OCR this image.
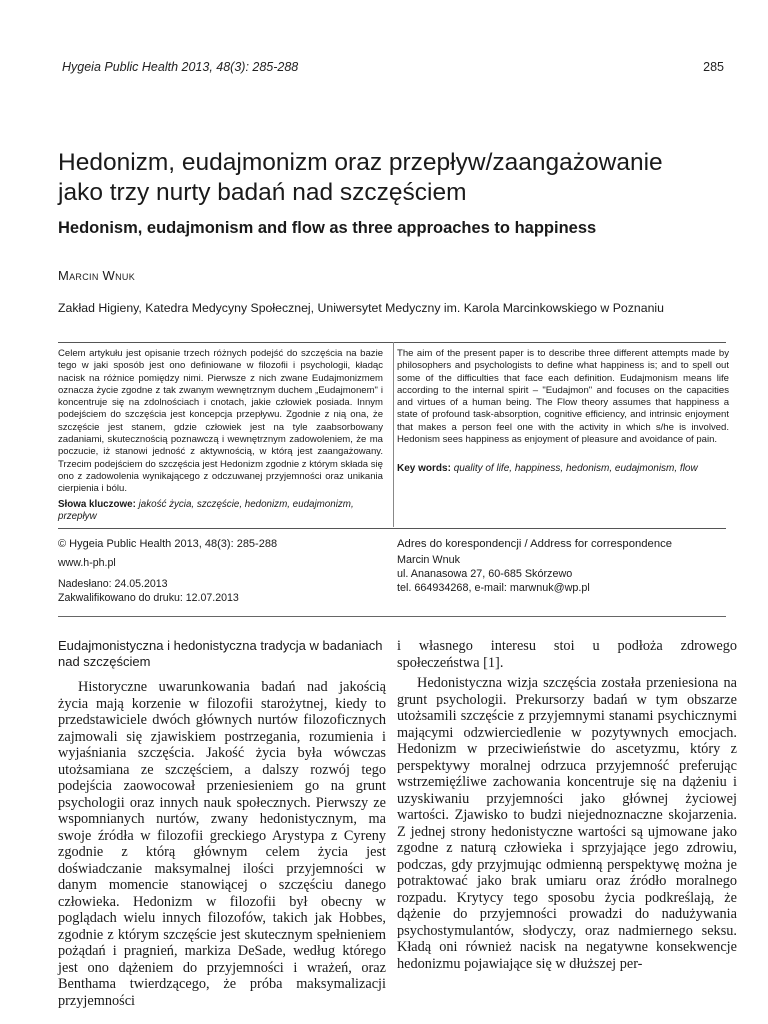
Hygeia Public Health 2013, 48(3): 285-288	285
Hedonizm, eudajmonizm oraz przepływ/zaangażowanie
jako trzy nurty badań nad szczęściem
Hedonism, eudajmonism and flow as three approaches to happiness
Marcin Wnuk
Zakład Higieny, Katedra Medycyny Społecznej, Uniwersytet Medyczny im. Karola Marcinkowskiego w Poznaniu
Celem artykułu jest opisanie trzech różnych podejść do szczęścia na bazie tego w jaki sposób jest ono definiowane w filozofii i psychologii, kładąc nacisk na różnice pomiędzy nimi. Pierwsze z nich zwane Eudajmonizmem oznacza życie zgodne z tak zwanym wewnętrznym duchem „Eudajmonem" i koncentruje się na zdolnościach i cnotach, jakie człowiek posiada. Innym podejściem do szczęścia jest koncepcja przepływu. Zgodnie z nią ona, że szczęście jest stanem, gdzie człowiek jest na tyle zaabsorbowany zadaniami, skutecznością poznawczą i wewnętrznym zadowoleniem, że ma poczucie, iż stanowi jedność z aktywnością, w którą jest zaangażowany. Trzecim podejściem do szczęścia jest Hedonizm zgodnie z którym składa się ono z zadowolenia wynikającego z odczuwanej przyjemności oraz unikania cierpienia i bólu.
Słowa kluczowe: jakość życia, szczęście, hedonizm, eudajmonizm, przepływ
The aim of the present paper is to describe three different attempts made by philosophers and psychologists to define what happiness is; and to spell out some of the difficulties that face each definition. Eudajmonism means life according to the internal spirit – "Eudajmon" and focuses on the capacities and virtues of a human being. The Flow theory assumes that happiness a state of profound task-absorption, cognitive efficiency, and intrinsic enjoyment that makes a person feel one with the activity in which s/he is involved. Hedonism sees happiness as enjoyment of pleasure and avoidance of pain.
Key words: quality of life, happiness, hedonism, eudajmonism, flow
© Hygeia Public Health 2013, 48(3): 285-288
www.h-ph.pl
Nadesłano: 24.05.2013
Zakwalifikowano do druku: 12.07.2013
Adres do korespondencji / Address for correspondence
Marcin Wnuk
ul. Ananasowa 27, 60-685 Skórzewo
tel. 664934268, e-mail: marwnuk@wp.pl
Eudajmonistyczna i hedonistyczna tradycja w badaniach nad szczęściem

Historyczne uwarunkowania badań nad jakością życia mają korzenie w filozofii starożytnej, kiedy to przedstawiciele dwóch głównych nurtów filozoficznych zajmowali się zjawiskiem postrzegania, rozumienia i wyjaśniania szczęścia. Jakość życia była wówczas utożsamiana ze szczęściem, a dalszy rozwój tego podejścia zaowocował przeniesieniem go na grunt psychologii oraz innych nauk społecznych. Pierwszy ze wspomnianych nurtów, zwany hedonistycznym, ma swoje źródła w filozofii greckiego Arystypa z Cyreny zgodnie z którą głównym celem życia jest doświadczanie maksymalnej ilości przyjemności w danym momencie stanowiącej o szczęściu danego człowieka. Hedonizm w filozofii był obecny w poglądach wielu innych filozofów, takich jak Hobbes, zgodnie z którym szczęście jest skutecznym spełnieniem pożądań i pragnień, markiza DeSade, według którego jest ono dążeniem do przyjemności i wrażeń, oraz Benthama twierdzącego, że próba maksymalizacji przyjemności

i własnego interesu stoi u podłoża zdrowego społeczeństwa [1].

Hedonistyczna wizja szczęścia została przeniesiona na grunt psychologii. Prekursorzy badań w tym obszarze utożsamili szczęście z przyjemnymi stanami psychicznymi mającymi odzwierciedlenie w pozytywnych emocjach. Hedonizm w przeciwieństwie do ascetyzmu, który z perspektywy moralnej odrzuca przyjemność preferując wstrzemięźliwe zachowania koncentruje się na dążeniu i uzyskiwaniu przyjemności jako głównej życiowej wartości. Zjawisko to budzi niejednoznaczne skojarzenia. Z jednej strony hedonistyczne wartości są ujmowane jako zgodne z naturą człowieka i sprzyjające jego zdrowiu, podczas, gdy przyjmując odmienną perspektywę można je potraktować jako brak umiaru oraz źródło moralnego rozpadu. Krytycy tego sposobu życia podkreślają, że dążenie do przyjemności prowadzi do nadużywania psychostymulantów, słodyczy, oraz nadmiernego seksu. Kładą oni również nacisk na negatywne konsekwencje hedonizmu pojawiające się w dłuższej per-
